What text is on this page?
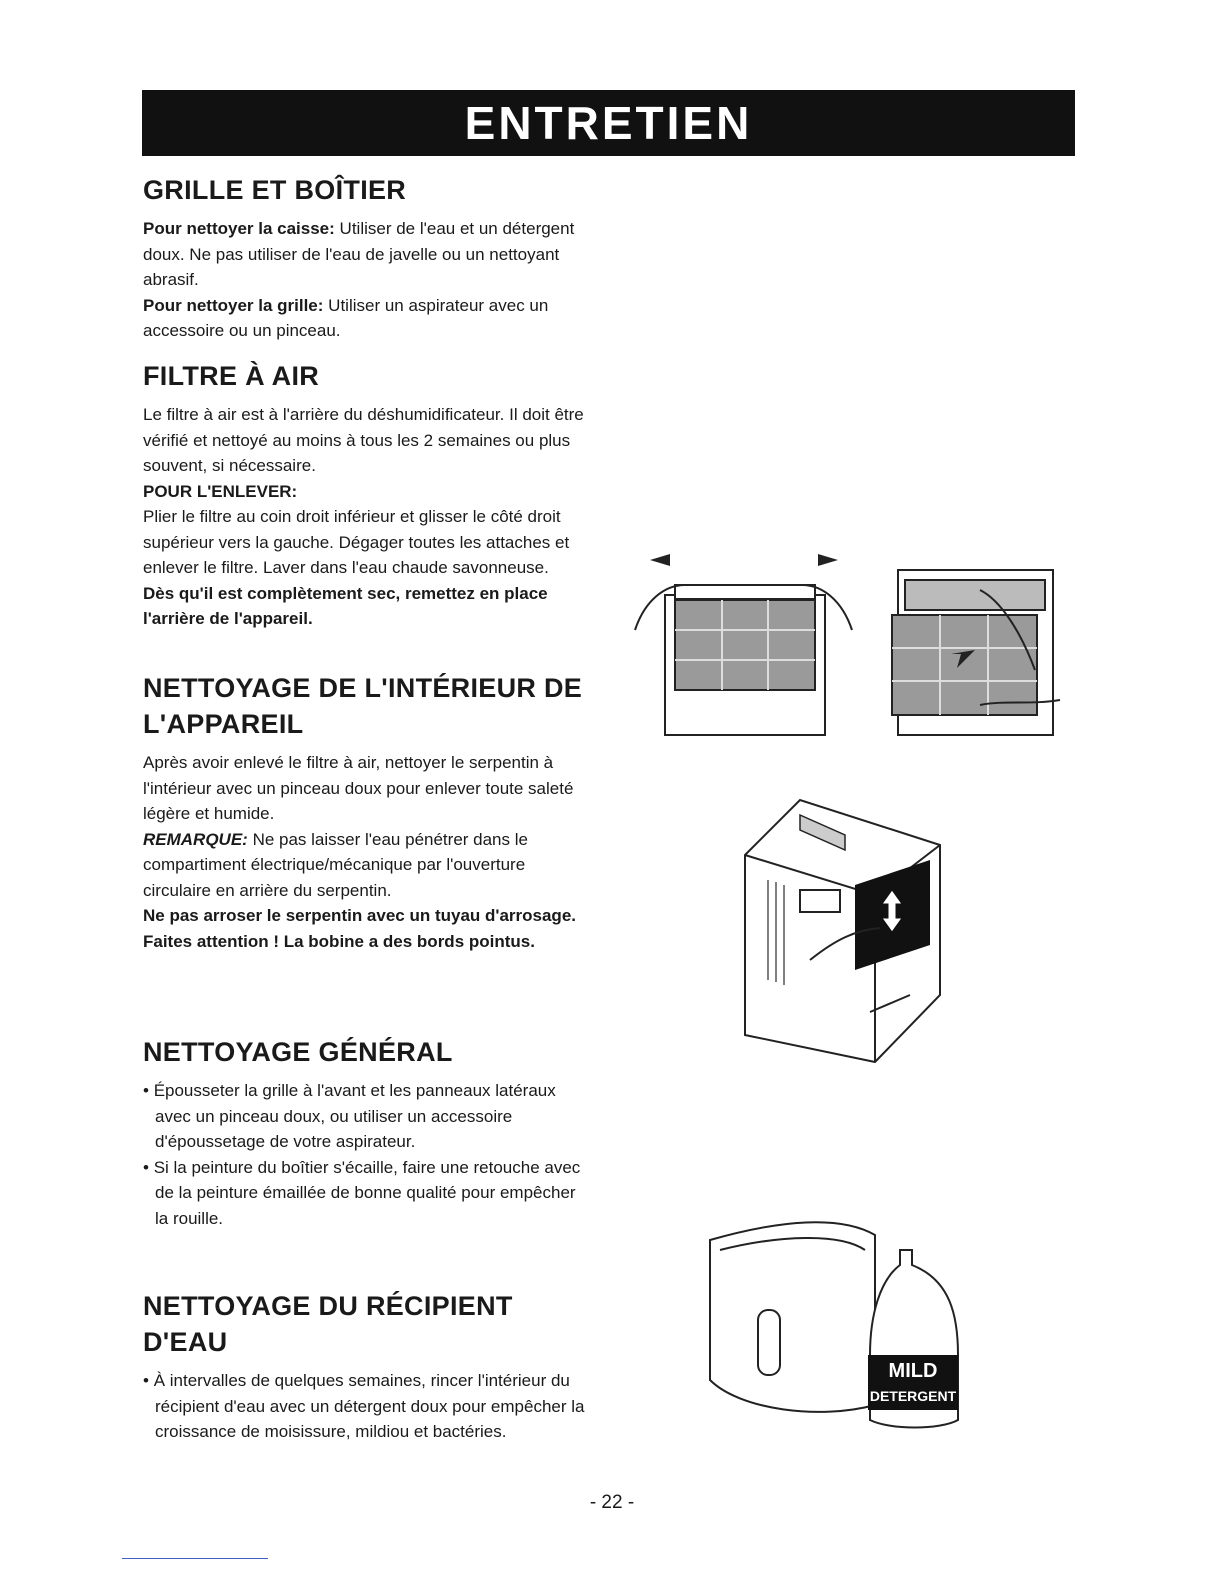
ENTRETIEN
GRILLE ET BOÎTIER

Pour nettoyer la caisse: Utiliser de l'eau et un détergent doux. Ne pas utiliser de l'eau de javelle ou un nettoyant abrasif.

Pour nettoyer la grille: Utiliser un aspirateur avec un accessoire ou un pinceau.

FILTRE À AIR

Le filtre à air est à l'arrière du déshumidificateur. Il doit être vérifié et nettoyé au moins à tous les 2 semaines ou plus souvent, si nécessaire.

POUR L'ENLEVER:

Plier le filtre au coin droit inférieur et glisser le côté droit supérieur vers la gauche. Dégager toutes les attaches et enlever le filtre. Laver dans l'eau chaude savonneuse.

Dès qu'il est complètement sec, remettez en place l'arrière de l'appareil.

NETTOYAGE DE L'INTÉRIEUR DE L'APPAREIL

Après avoir enlevé le filtre à air, nettoyer le serpentin à l'intérieur avec un pinceau doux pour enlever toute saleté légère et humide.

REMARQUE: Ne pas laisser l'eau pénétrer dans le compartiment électrique/mécanique par l'ouverture circulaire en arrière du serpentin.

Ne pas arroser le serpentin avec un tuyau d'arrosage.

Faites attention ! La bobine a des bords pointus.

NETTOYAGE GÉNÉRAL
• Épousseter la grille à l'avant et les panneaux latéraux avec un pinceau doux, ou utiliser un accessoire d'époussetage de votre aspirateur.
• Si la peinture du boîtier s'écaille, faire une retouche avec de la peinture émaillée de bonne qualité pour empêcher la rouille.
NETTOYAGE DU RÉCIPIENT D'EAU
• À intervalles de quelques semaines, rincer l'intérieur du récipient d'eau avec un détergent doux pour empêcher la croissance de moisissure, mildiou et bactéries.
MILD
DETERGENT
- 22 -
